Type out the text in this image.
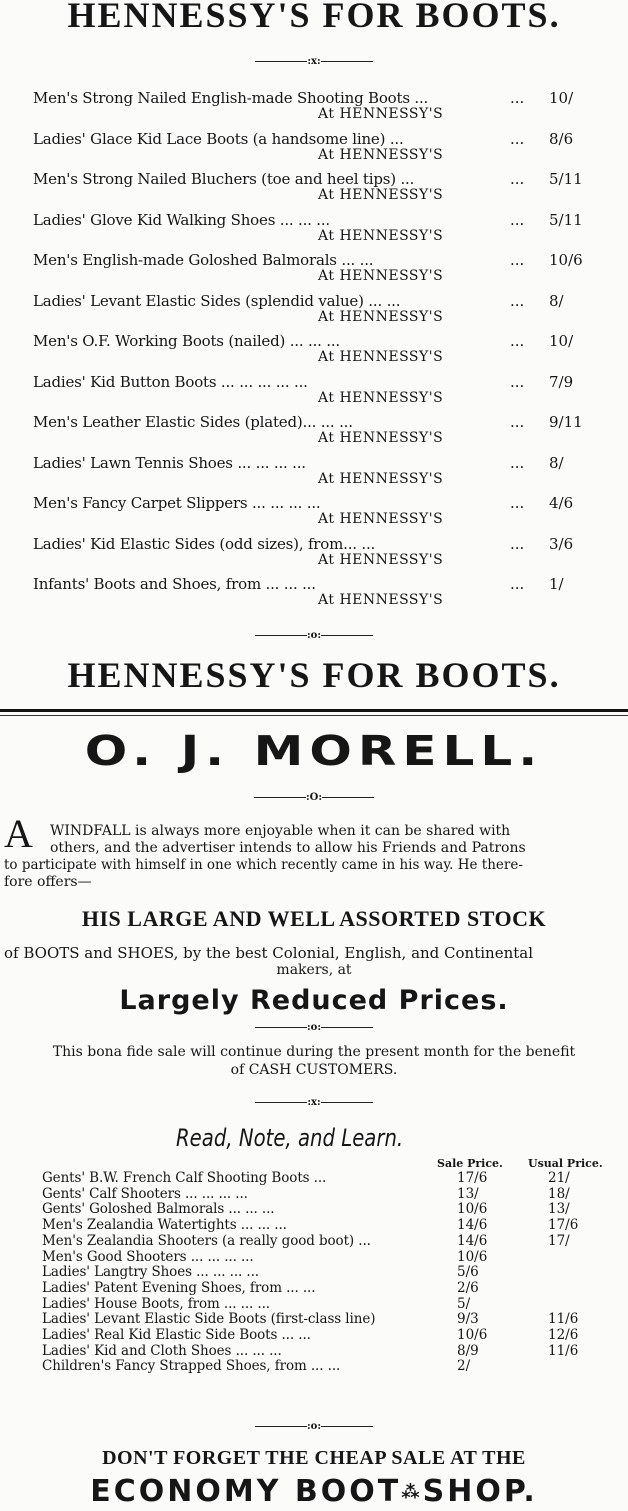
HENNESSY'S FOR BOOTS.
:x:
Men's Strong Nailed English-made Shooting Boots ...	... 10/
At HENNESSY'S
Ladies' Glace Kid Lace Boots (a handsome line) ...	... 8/6
At HENNESSY'S
Men's Strong Nailed Bluchers (toe and heel tips) ...	... 5/11
At HENNESSY'S
Ladies' Glove Kid Walking Shoes ... ... ...	... 5/11
At HENNESSY'S
Men's English-made Goloshed Balmorals ... ...	... 10/6
At HENNESSY'S
Ladies' Levant Elastic Sides (splendid value) ... ...	... 8/
At HENNESSY'S
Men's O.F. Working Boots (nailed) ... ... ...	... 10/
At HENNESSY'S
Ladies' Kid Button Boots ... ... ... ... ...	... 7/9
At HENNESSY'S
Men's Leather Elastic Sides (plated)... ... ...	... 9/11
At HENNESSY'S
Ladies' Lawn Tennis Shoes ... ... ... ...	... 8/
At HENNESSY'S
Men's Fancy Carpet Slippers ... ... ... ...	... 4/6
At HENNESSY'S
Ladies' Kid Elastic Sides (odd sizes), from... ...	... 3/6
At HENNESSY'S
Infants' Boots and Shoes, from ... ... ...	... 1/
At HENNESSY'S
:o:
HENNESSY'S FOR BOOTS.
O. J. MORELL.
:O:
A WINDFALL is always more enjoyable when it can be shared with
others, and the advertiser intends to allow his Friends and Patrons
to participate with himself in one which recently came in his way. He there-
fore offers—
HIS LARGE AND WELL ASSORTED STOCK
of BOOTS and SHOES, by the best Colonial, English, and Continental
makers, at
Largely Reduced Prices.
:o:
This bona fide sale will continue during the present month for the benefit
of CASH CUSTOMERS.
:x:
Read, Note, and Learn.
Sale Price. Usual Price.
Gents' B.W. French Calf Shooting Boots ...	17/6	21/
Gents' Calf Shooters ... ... ... ...	13/	18/
Gents' Goloshed Balmorals ... ... ...	10/6	13/
Men's Zealandia Watertights ... ... ...	14/6	17/6
Men's Zealandia Shooters (a really good boot) ...	14/6	17/
Men's Good Shooters ... ... ... ...	10/6
Ladies' Langtry Shoes ... ... ... ...	5/6
Ladies' Patent Evening Shoes, from ... ...	2/6
Ladies' House Boots, from ... ... ...	5/
Ladies' Levant Elastic Side Boots (first-class line)	9/3	11/6
Ladies' Real Kid Elastic Side Boots ... ...	10/6	12/6
Ladies' Kid and Cloth Shoes ... ... ...	8/9	11/6
Children's Fancy Strapped Shoes, from ... ...	2/
:o:
DON'T FORGET THE CHEAP SALE AT THE
ECONOMY BOOT⁂SHOP.
